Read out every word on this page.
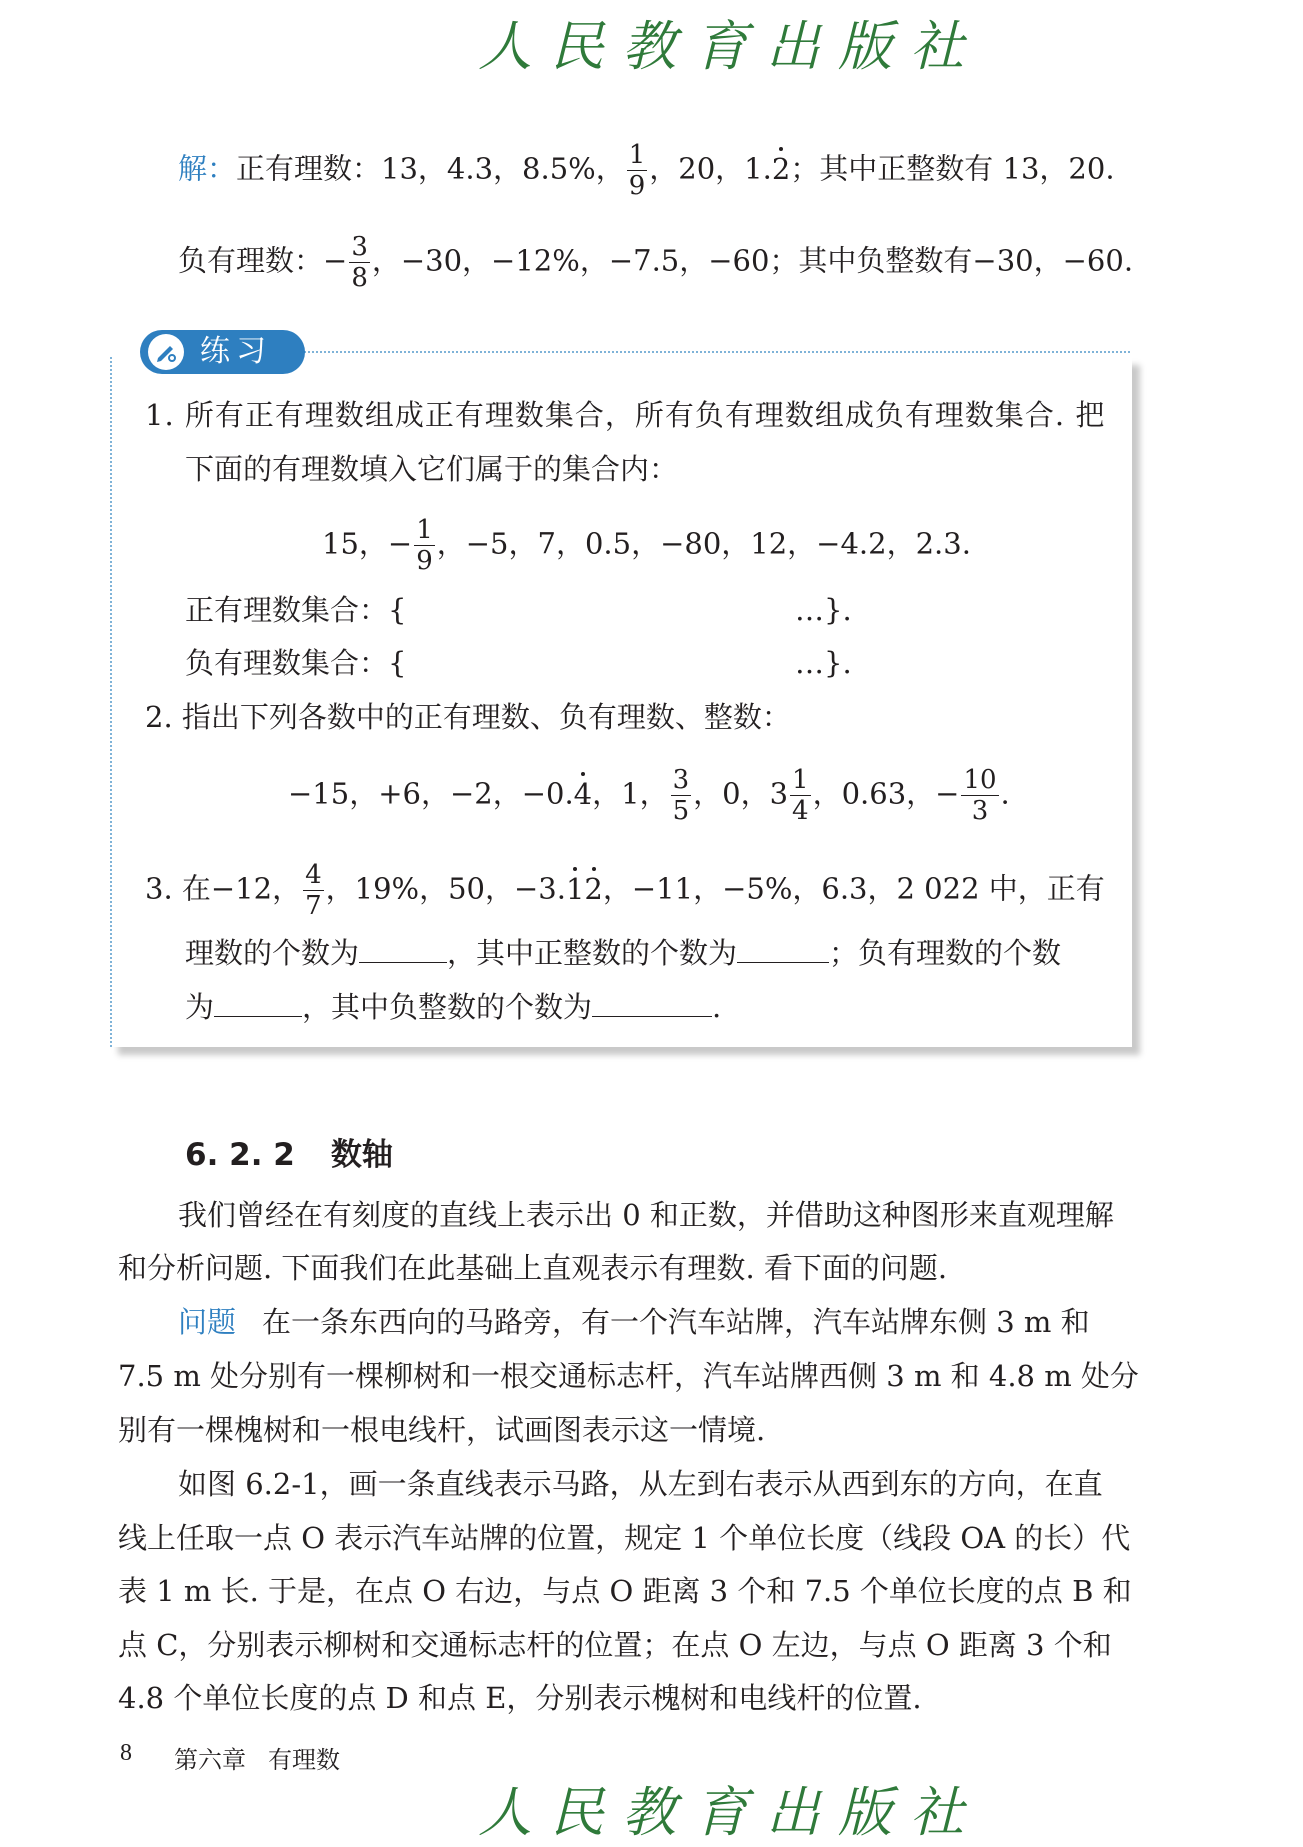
人民教育出版社
解：正有理数：13，4.3，8.5%， $\frac{1}{9}$ ，20，1.2；其中正整数有 13，20.
负有理数：− $\frac{3}{8}$ ，−30，−12%，−7.5，−60；其中负整数有−30，−60.
练习
1. 所有正有理数组成正有理数集合，所有负有理数组成负有理数集合. 把
下面的有理数填入它们属于的集合内：
15，− $\frac{1}{9}$ ，−5，7，0.5，−80，12，−4.2，2.3.
正有理数集合：{	…}.
负有理数集合：{	…}.
2. 指出下列各数中的正有理数、负有理数、整数：
−15，+6，−2，−0.4，1， $\frac{3}{5}$ ，0，$3 \frac{1}{4}$ ，0.63，− $\frac{10}{3}$ .
3. 在−12， $\frac{4}{7}$ ，19%，50，−3.12，−11，−5%，6.3，2 022 中，正有
理数的个数为	，其中正整数的个数为	；负有理数的个数
为	，其中负整数的个数为	.
6. 2. 2 数轴
我们曾经在有刻度的直线上表示出 0 和正数，并借助这种图形来直观理解
和分析问题. 下面我们在此基础上直观表示有理数. 看下面的问题.
问题 在一条东西向的马路旁，有一个汽车站牌，汽车站牌东侧 3 m 和
7.5 m 处分别有一棵柳树和一根交通标志杆，汽车站牌西侧 3 m 和 4.8 m 处分
别有一棵槐树和一根电线杆，试画图表示这一情境.
如图 6.2-1，画一条直线表示马路，从左到右表示从西到东的方向，在直
线上任取一点 O 表示汽车站牌的位置，规定 1 个单位长度（线段 OA 的长）代
表 1 m 长. 于是，在点 O 右边，与点 O 距离 3 个和 7.5 个单位长度的点 B 和
点 C，分别表示柳树和交通标志杆的位置；在点 O 左边，与点 O 距离 3 个和
4.8 个单位长度的点 D 和点 E，分别表示槐树和电线杆的位置.
8 第六章 有理数
人民教育出版社
